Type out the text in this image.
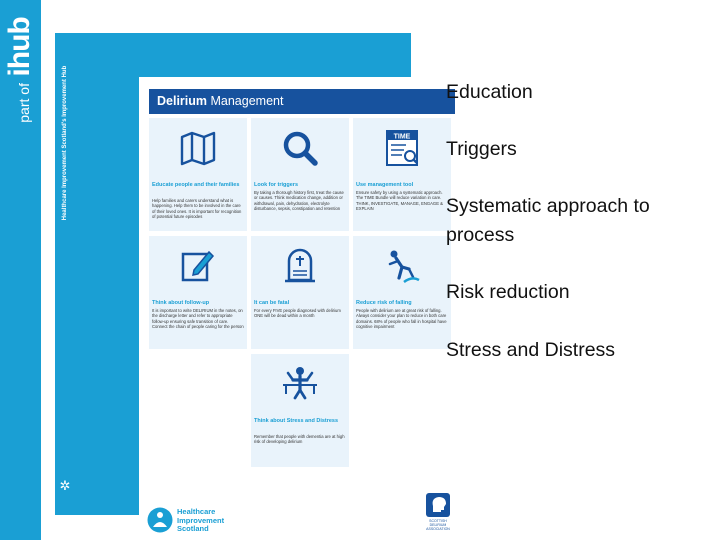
part of ihub
Healthcare Improvement Scotland's Improvement Hub
✲
Delirium Management
Educate people and their families
Help families and carers understand what is happening. Help them to be involved in the care of their loved ones. It is important for recognition of potential future episodes
Look for triggers
By taking a thorough history first, treat the cause or causes. Think medication change, addition or withdrawal, pain, dehydration, electrolyte disturbance, sepsis, constipation and retention
TIME
Use management tool
Ensure safety by using a systematic approach. The TIME Bundle will reduce variation in care. THINK, INVESTIGATE, MANAGE, ENGAGE & EXPLAIN
Think about follow-up
It is important to write DELIRIUM in the notes, on the discharge letter and refer to appropriate follow-up ensuring safe transition of care. Connect the chain of people caring for the person
It can be fatal
For every FIVE people diagnosed with delirium ONE will be dead within a month
Reduce risk of falling
People with delirium are at great risk of falling. Always consider your plan to reduce in both care domains. 68% of people who fall in hospital have cognitive impairment
Think about Stress and Distress
Remember that people with dementia are at high risk of developing delirium
Healthcare
Improvement
Scotland
SCOTTISH
DELIRIUM
ASSOCIATION
Education
Triggers
Systematic approach to process
Risk reduction
Stress and Distress
